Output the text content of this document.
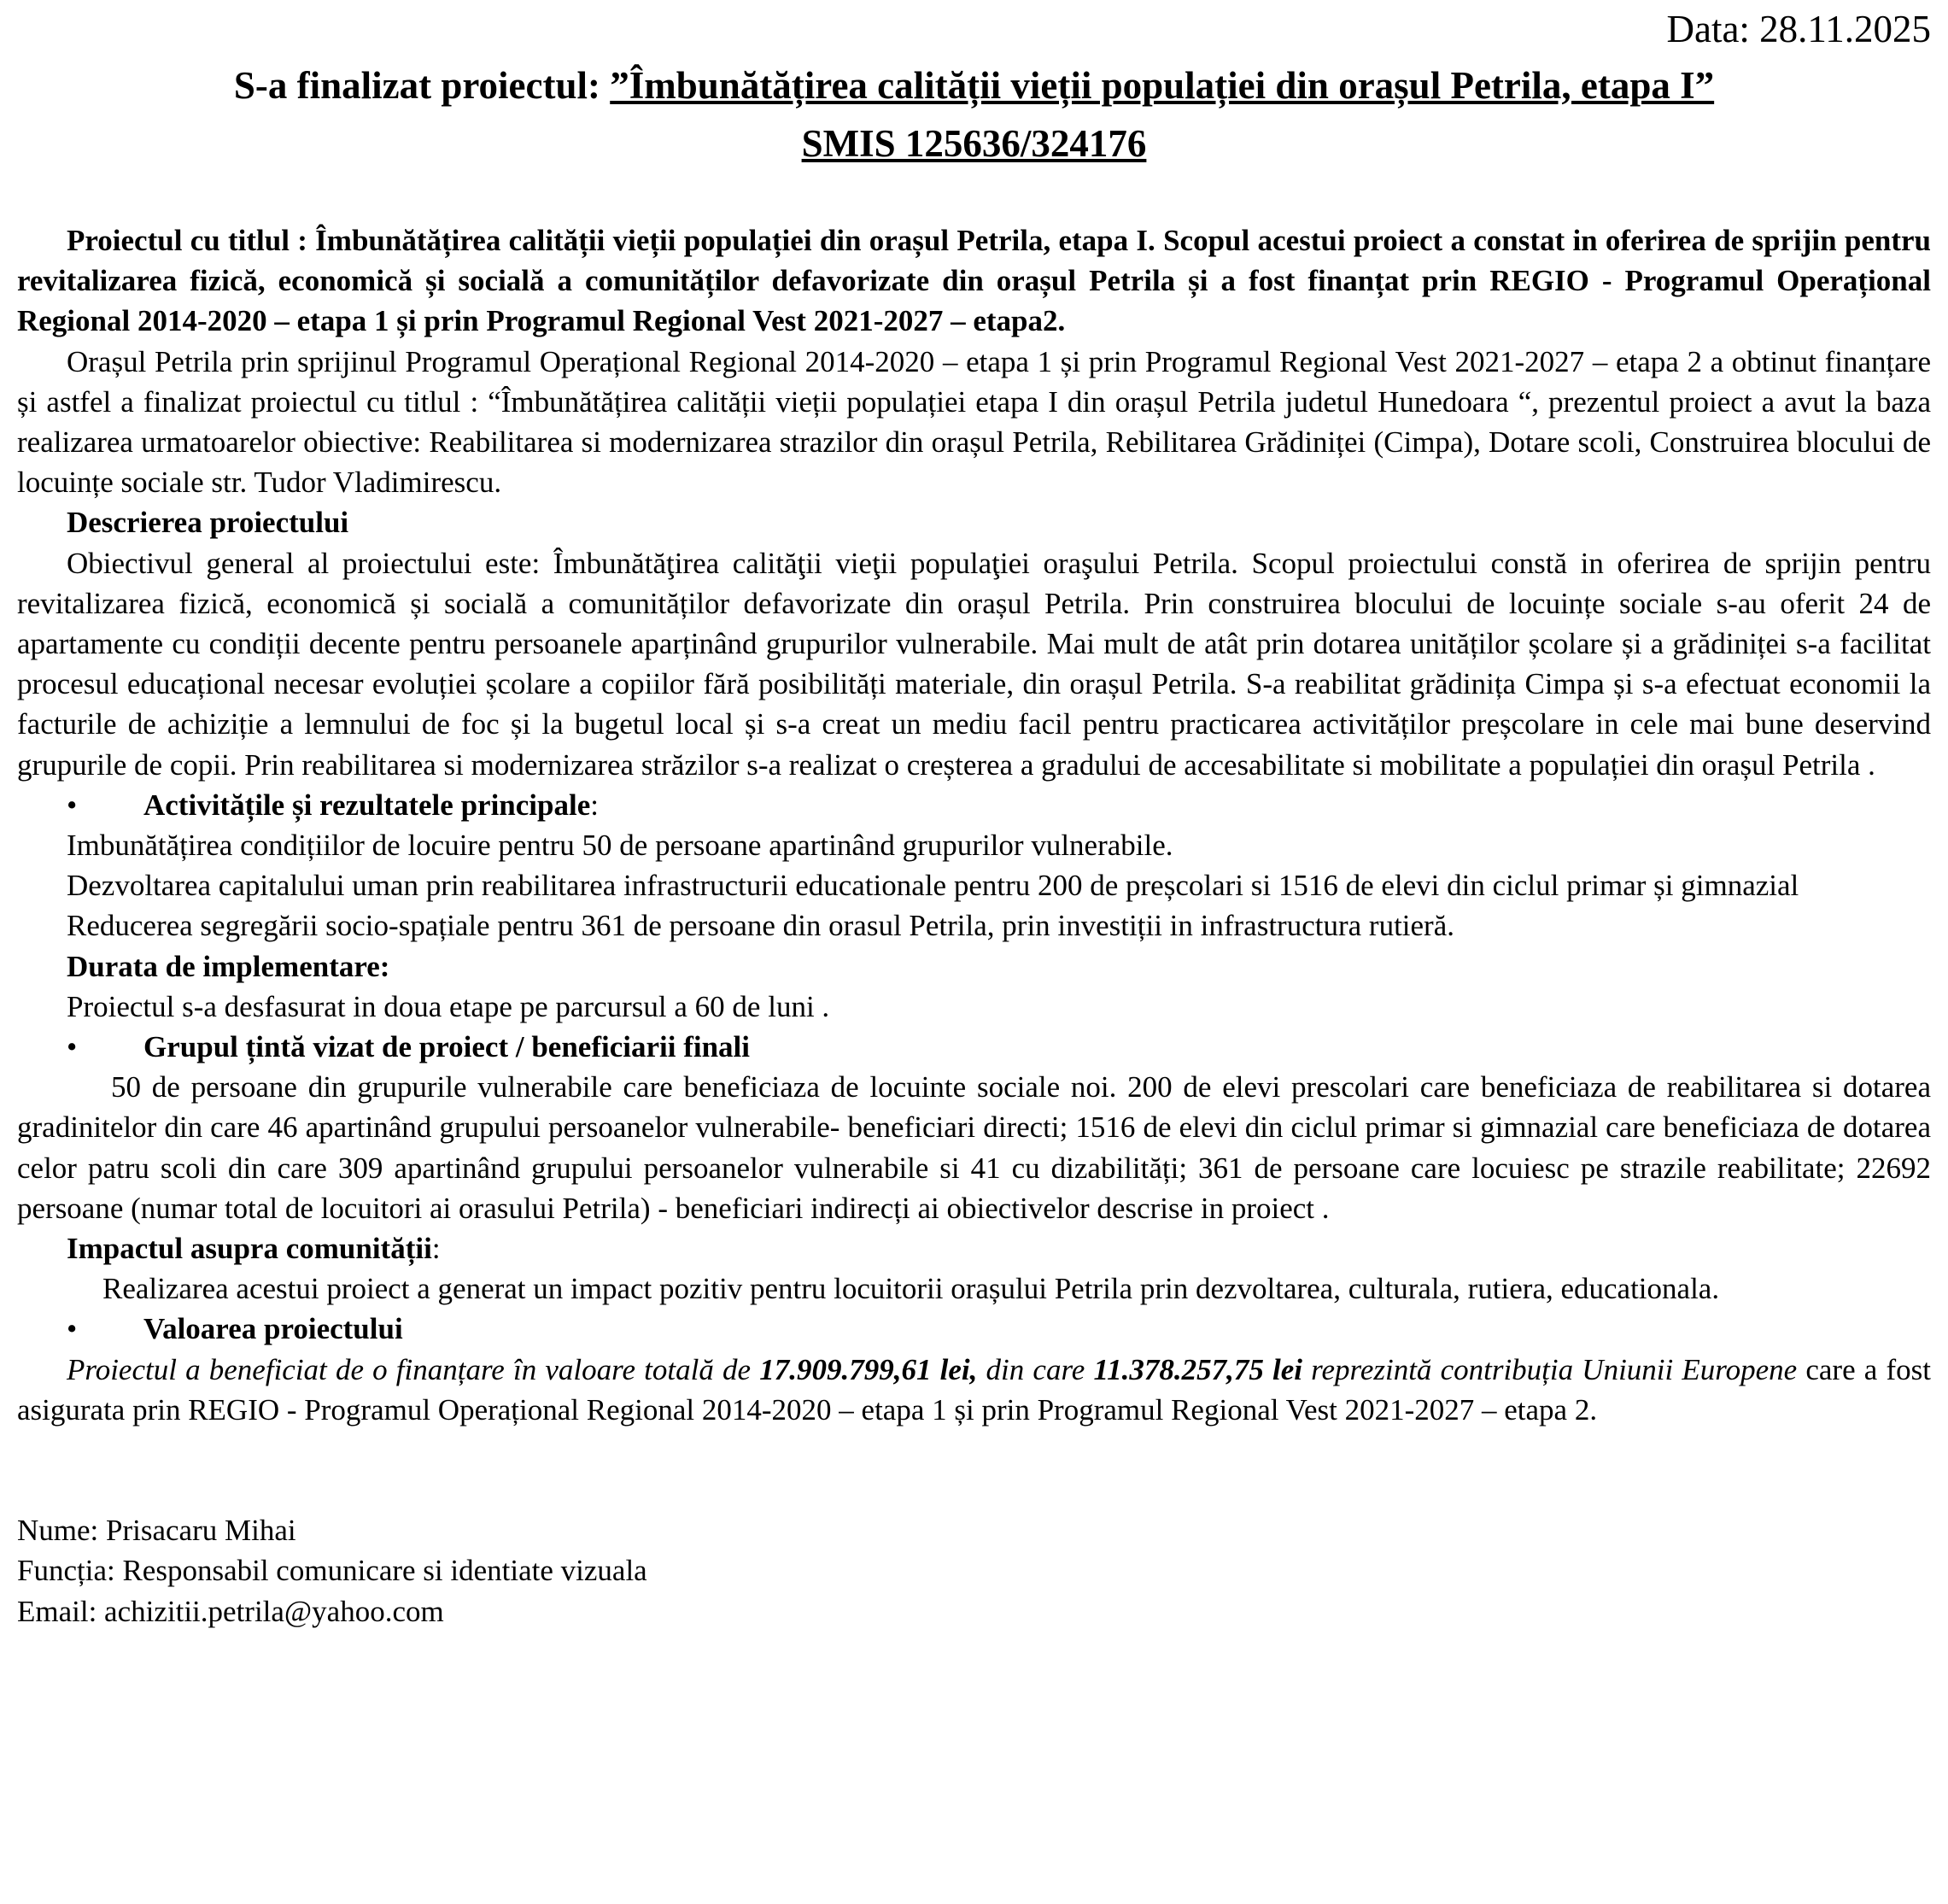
Data: 28.11.2025
S-a finalizat proiectul: ”Îmbunătățirea calității vieții populației din orașul Petrila, etapa I”
SMIS 125636/324176

Proiectul cu titlul : Îmbunătățirea calității vieții populației din orașul Petrila, etapa I. Scopul acestui proiect a constat in oferirea de sprijin pentru revitalizarea fizică, economică și socială a comunităților defavorizate din orașul Petrila și a fost finanțat prin REGIO - Programul Operațional Regional 2014-2020 – etapa 1 și prin Programul Regional Vest 2021-2027 – etapa2.

Orașul Petrila prin sprijinul Programul Operațional Regional 2014-2020 – etapa 1 și prin Programul Regional Vest 2021-2027 – etapa 2 a obtinut finanțare și astfel a finalizat proiectul cu titlul : “Îmbunătățirea calității vieții populației etapa I din orașul Petrila judetul Hunedoara “, prezentul proiect a avut la baza realizarea urmatoarelor obiective: Reabilitarea si modernizarea strazilor din orașul Petrila, Rebilitarea Grădiniței (Cimpa), Dotare scoli, Construirea blocului de locuințe sociale str. Tudor Vladimirescu.

Descrierea proiectului

Obiectivul general al proiectului este: Îmbunătăţirea calităţii vieţii populaţiei oraşului Petrila. Scopul proiectului constă in oferirea de sprijin pentru revitalizarea fizică, economică și socială a comunităților defavorizate din orașul Petrila. Prin construirea blocului de locuințe sociale s-au oferit 24 de apartamente cu condiții decente pentru persoanele aparținând grupurilor vulnerabile. Mai mult de atât prin dotarea unităților școlare și a grădiniței s-a facilitat procesul educațional necesar evoluției școlare a copiilor fără posibilități materiale, din orașul Petrila. S-a reabilitat grădinița Cimpa și s-a efectuat economii la facturile de achiziție a lemnului de foc și la bugetul local și s-a creat un mediu facil pentru practicarea activităților preșcolare in cele mai bune deservind grupurile de copii. Prin reabilitarea si modernizarea străzilor s-a realizat o creșterea a gradului de accesabilitate si mobilitate a populației din orașul Petrila .

• Activitățile și rezultatele principale:

Imbunătățirea condițiilor de locuire pentru 50 de persoane apartinând grupurilor vulnerabile.

Dezvoltarea capitalului uman prin reabilitarea infrastructurii educationale pentru 200 de preșcolari si 1516 de elevi din ciclul primar și gimnazial

Reducerea segregării socio-spațiale pentru 361 de persoane din orasul Petrila, prin investiții in infrastructura rutieră.

Durata de implementare:

Proiectul s-a desfasurat in doua etape pe parcursul a 60 de luni .

• Grupul țintă vizat de proiect / beneficiarii finali

50 de persoane din grupurile vulnerabile care beneficiaza de locuinte sociale noi. 200 de elevi prescolari care beneficiaza de reabilitarea si dotarea gradinitelor din care 46 apartinând grupului persoanelor vulnerabile- beneficiari directi; 1516 de elevi din ciclul primar si gimnazial care beneficiaza de dotarea celor patru scoli din care 309 apartinând grupului persoanelor vulnerabile si 41 cu dizabilități; 361 de persoane care locuiesc pe strazile reabilitate; 22692 persoane (numar total de locuitori ai orasului Petrila) - beneficiari indirecți ai obiectivelor descrise in proiect .

Impactul asupra comunității:

Realizarea acestui proiect a generat un impact pozitiv pentru locuitorii orașului Petrila prin dezvoltarea, culturala, rutiera, educationala.

• Valoarea proiectului

Proiectul a beneficiat de o finanțare în valoare totală de 17.909.799,61 lei, din care 11.378.257,75 lei reprezintă contribuția Uniunii Europene care a fost asigurata prin REGIO - Programul Operațional Regional 2014-2020 – etapa 1 și prin Programul Regional Vest 2021-2027 – etapa 2.

Nume: Prisacaru Mihai

Funcția: Responsabil comunicare si identiate vizuala

Email: achizitii.petrila@yahoo.com
